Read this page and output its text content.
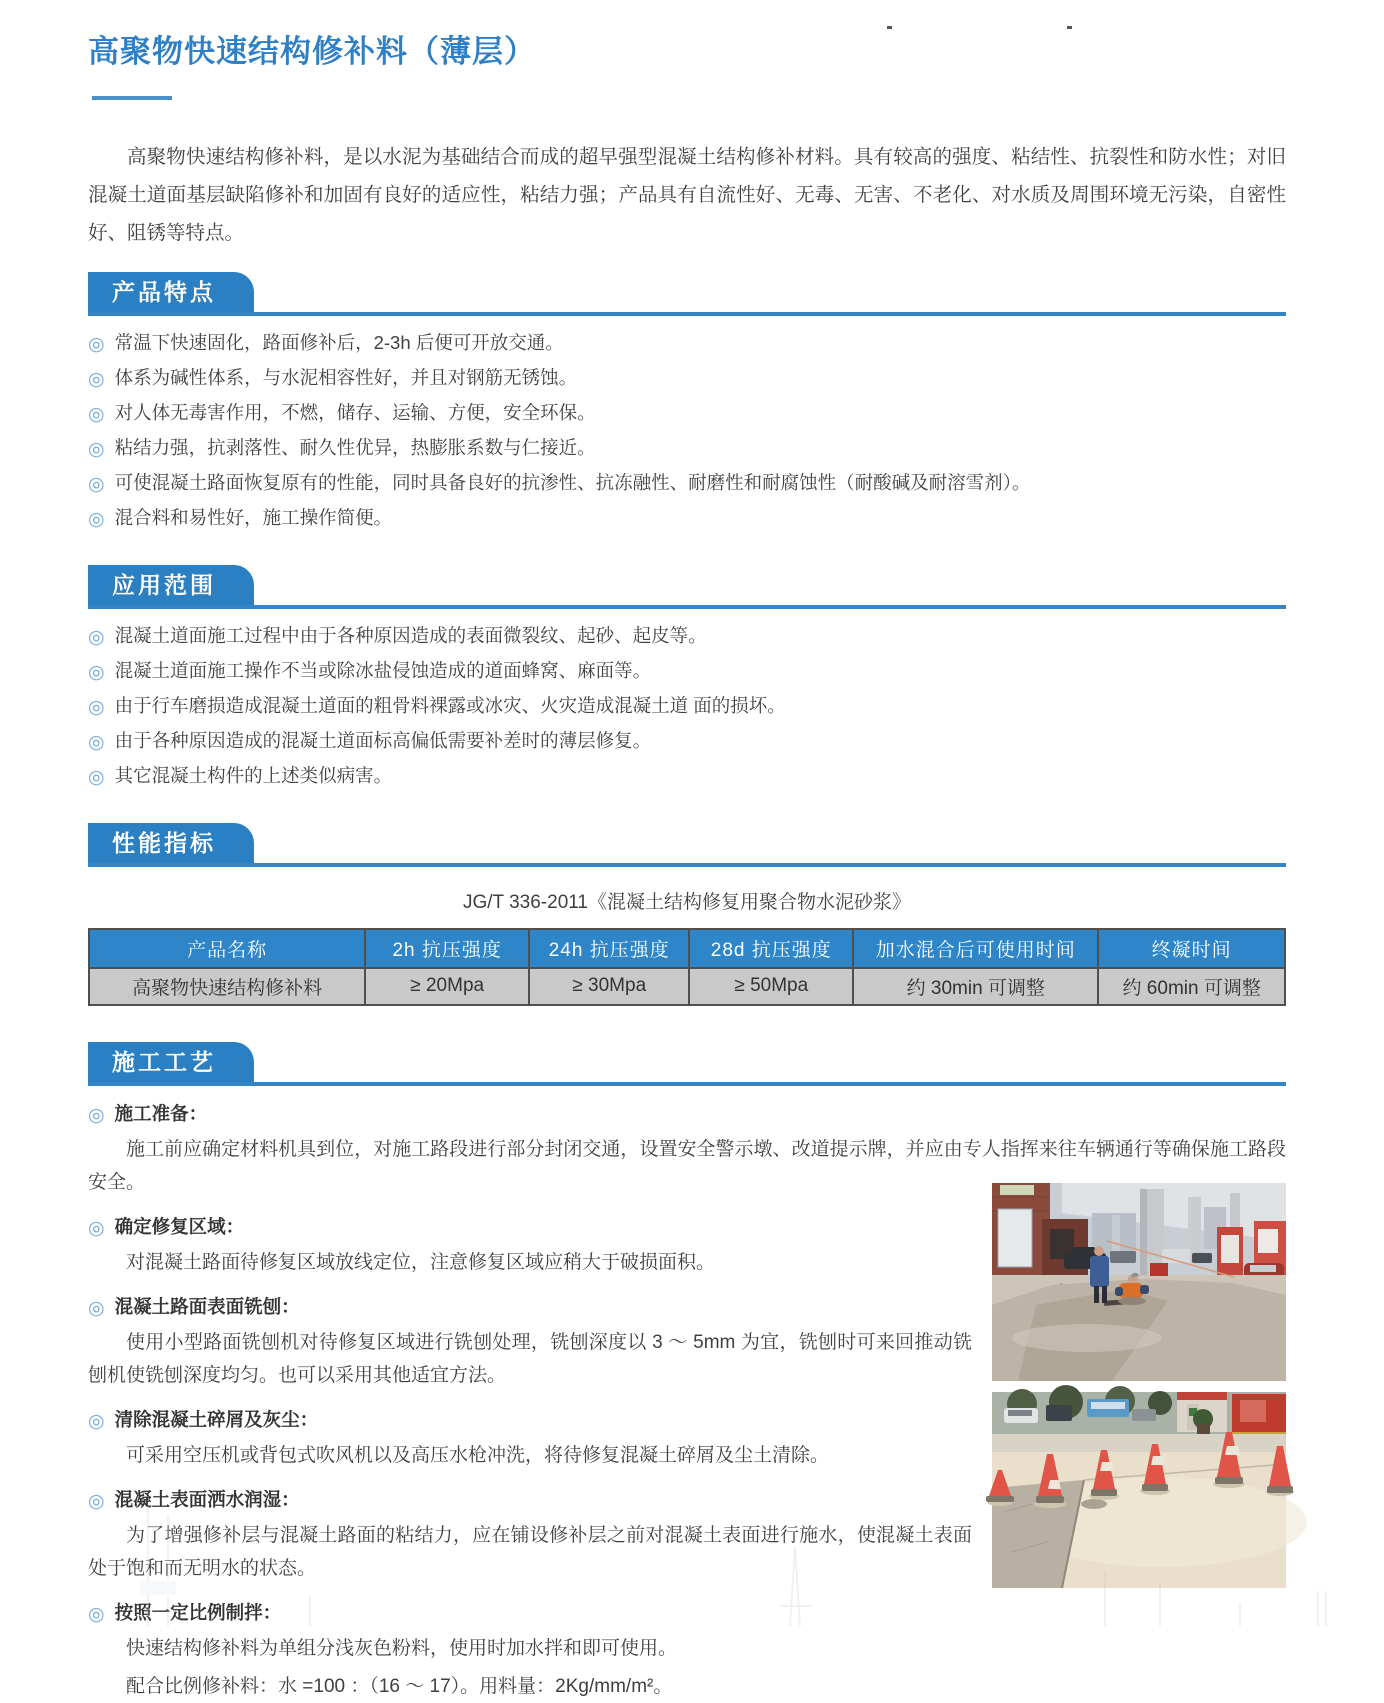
高聚物快速结构修补料（薄层）

高聚物快速结构修补料，是以水泥为基础结合而成的超早强型混凝土结构修补材料。具有较高的强度、粘结性、抗裂性和防水性；对旧混凝土道面基层缺陷修补和加固有良好的适应性，粘结力强；产品具有自流性好、无毒、无害、不老化、对水质及周围环境无污染，自密性好、阻锈等特点。

产品特点
◎ 常温下快速固化，路面修补后，2-3h 后便可开放交通。
◎ 体系为碱性体系，与水泥相容性好，并且对钢筋无锈蚀。
◎ 对人体无毒害作用，不燃，储存、运输、方便，安全环保。
◎ 粘结力强，抗剥落性、耐久性优异，热膨胀系数与仁接近。
◎ 可使混凝土路面恢复原有的性能，同时具备良好的抗渗性、抗冻融性、耐磨性和耐腐蚀性（耐酸碱及耐溶雪剂）。
◎ 混合料和易性好，施工操作简便。
应用范围
◎ 混凝土道面施工过程中由于各种原因造成的表面微裂纹、起砂、起皮等。
◎ 混凝土道面施工操作不当或除冰盐侵蚀造成的道面蜂窝、麻面等。
◎ 由于行车磨损造成混凝土道面的粗骨料裸露或冰灾、火灾造成混凝土道 面的损坏。
◎ 由于各种原因造成的混凝土道面标高偏低需要补差时的薄层修复。
◎ 其它混凝土构件的上述类似病害。
性能指标
JG/T 336-2011《混凝土结构修复用聚合物水泥砂浆》
产品名称	2h 抗压强度	24h 抗压强度	28d 抗压强度	加水混合后可使用时间	终凝时间
高聚物快速结构修补料	≥ 20Mpa	≥ 30Mpa	≥ 50Mpa	约 30min 可调整	约 60min 可调整
施工工艺
◎ 施工准备：

施工前应确定材料机具到位，对施工路段进行部分封闭交通，设置安全警示墩、改道提示牌，并应由专人指挥来往车辆通行等确保施工路段安全。

◎ 确定修复区域：

对混凝土路面待修复区域放线定位，注意修复区域应稍大于破损面积。

◎ 混凝土路面表面铣刨：

使用小型路面铣刨机对待修复区域进行铣刨处理，铣刨深度以 3 ～ 5mm 为宜，铣刨时可来回推动铣刨机使铣刨深度均匀。也可以采用其他适宜方法。

◎ 清除混凝土碎屑及灰尘：

可采用空压机或背包式吹风机以及高压水枪冲洗，将待修复混凝土碎屑及尘土清除。

◎ 混凝土表面洒水润湿：

为了增强修补层与混凝土路面的粘结力，应在铺设修补层之前对混凝土表面进行施水，使混凝土表面处于饱和而无明水的状态。

◎ 按照一定比例制拌：

快速结构修补料为单组分浅灰色粉料，使用时加水拌和即可使用。

配合比例修补料：水 =100 ：（16 ～ 17）。用料量：2Kg/mm/m²。
